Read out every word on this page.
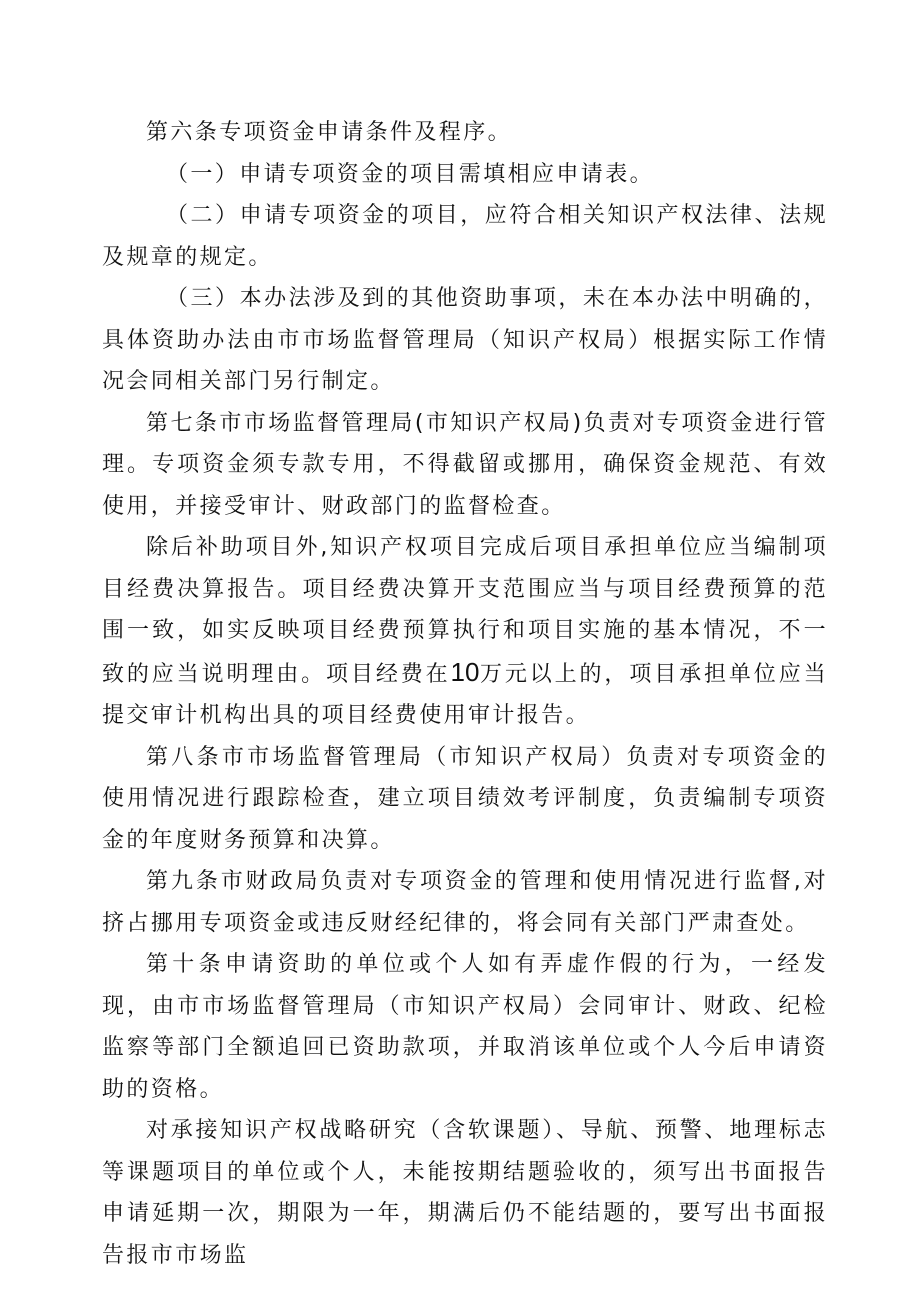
第六条专项资金申请条件及程序。

（一）申请专项资金的项目需填相应申请表。

（二）申请专项资金的项目，应符合相关知识产权法律、法规及规章的规定。

（三）本办法涉及到的其他资助事项，未在本办法中明确的，具体资助办法由市市场监督管理局（知识产权局）根据实际工作情况会同相关部门另行制定。

第七条市市场监督管理局(市知识产权局)负责对专项资金进行管理。专项资金须专款专用，不得截留或挪用，确保资金规范、有效使用，并接受审计、财政部门的监督检查。

除后补助项目外,知识产权项目完成后项目承担单位应当编制项目经费决算报告。项目经费决算开支范围应当与项目经费预算的范围一致，如实反映项目经费预算执行和项目实施的基本情况，不一致的应当说明理由。项目经费在10万元以上的，项目承担单位应当提交审计机构出具的项目经费使用审计报告。

第八条市市场监督管理局（市知识产权局）负责对专项资金的使用情况进行跟踪检查，建立项目绩效考评制度，负责编制专项资金的年度财务预算和决算。

第九条市财政局负责对专项资金的管理和使用情况进行监督,对挤占挪用专项资金或违反财经纪律的，将会同有关部门严肃查处。

第十条申请资助的单位或个人如有弄虚作假的行为，一经发现，由市市场监督管理局（市知识产权局）会同审计、财政、纪检监察等部门全额追回已资助款项，并取消该单位或个人今后申请资助的资格。

对承接知识产权战略研究（含软课题）、导航、预警、地理标志等课题项目的单位或个人，未能按期结题验收的，须写出书面报告申请延期一次，期限为一年，期满后仍不能结题的，要写出书面报告报市市场监
